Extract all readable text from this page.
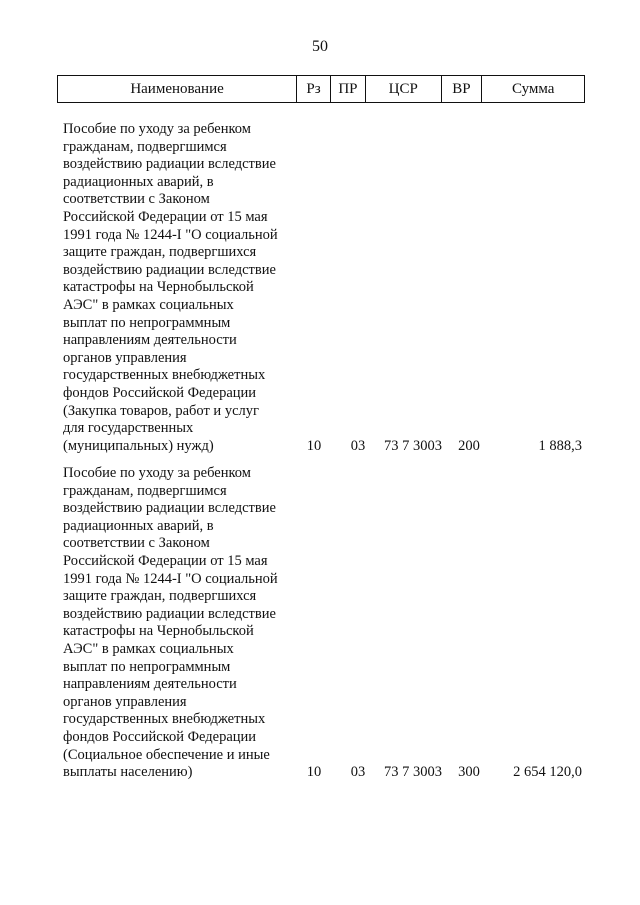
50
Наименование	Рз	ПР	ЦСР	ВР	Сумма
Пособие по уходу за ребенком
гражданам, подвергшимся
воздействию радиации вследствие
радиационных аварий, в
соответствии с Законом
Российской Федерации от 15 мая
1991 года № 1244-I "О социальной
защите граждан, подвергшихся
воздействию радиации вследствие
катастрофы на Чернобыльской
АЭС" в рамках социальных
выплат по непрограммным
направлениям деятельности
органов управления
государственных внебюджетных
фондов Российской Федерации
(Закупка товаров, работ и услуг
для государственных
(муниципальных) нужд)	10	03	73 7 3003	200	1 888,3
Пособие по уходу за ребенком
гражданам, подвергшимся
воздействию радиации вследствие
радиационных аварий, в
соответствии с Законом
Российской Федерации от 15 мая
1991 года № 1244-I "О социальной
защите граждан, подвергшихся
воздействию радиации вследствие
катастрофы на Чернобыльской
АЭС" в рамках социальных
выплат по непрограммным
направлениям деятельности
органов управления
государственных внебюджетных
фондов Российской Федерации
(Социальное обеспечение и иные
выплаты населению)	10	03	73 7 3003	300	2 654 120,0
